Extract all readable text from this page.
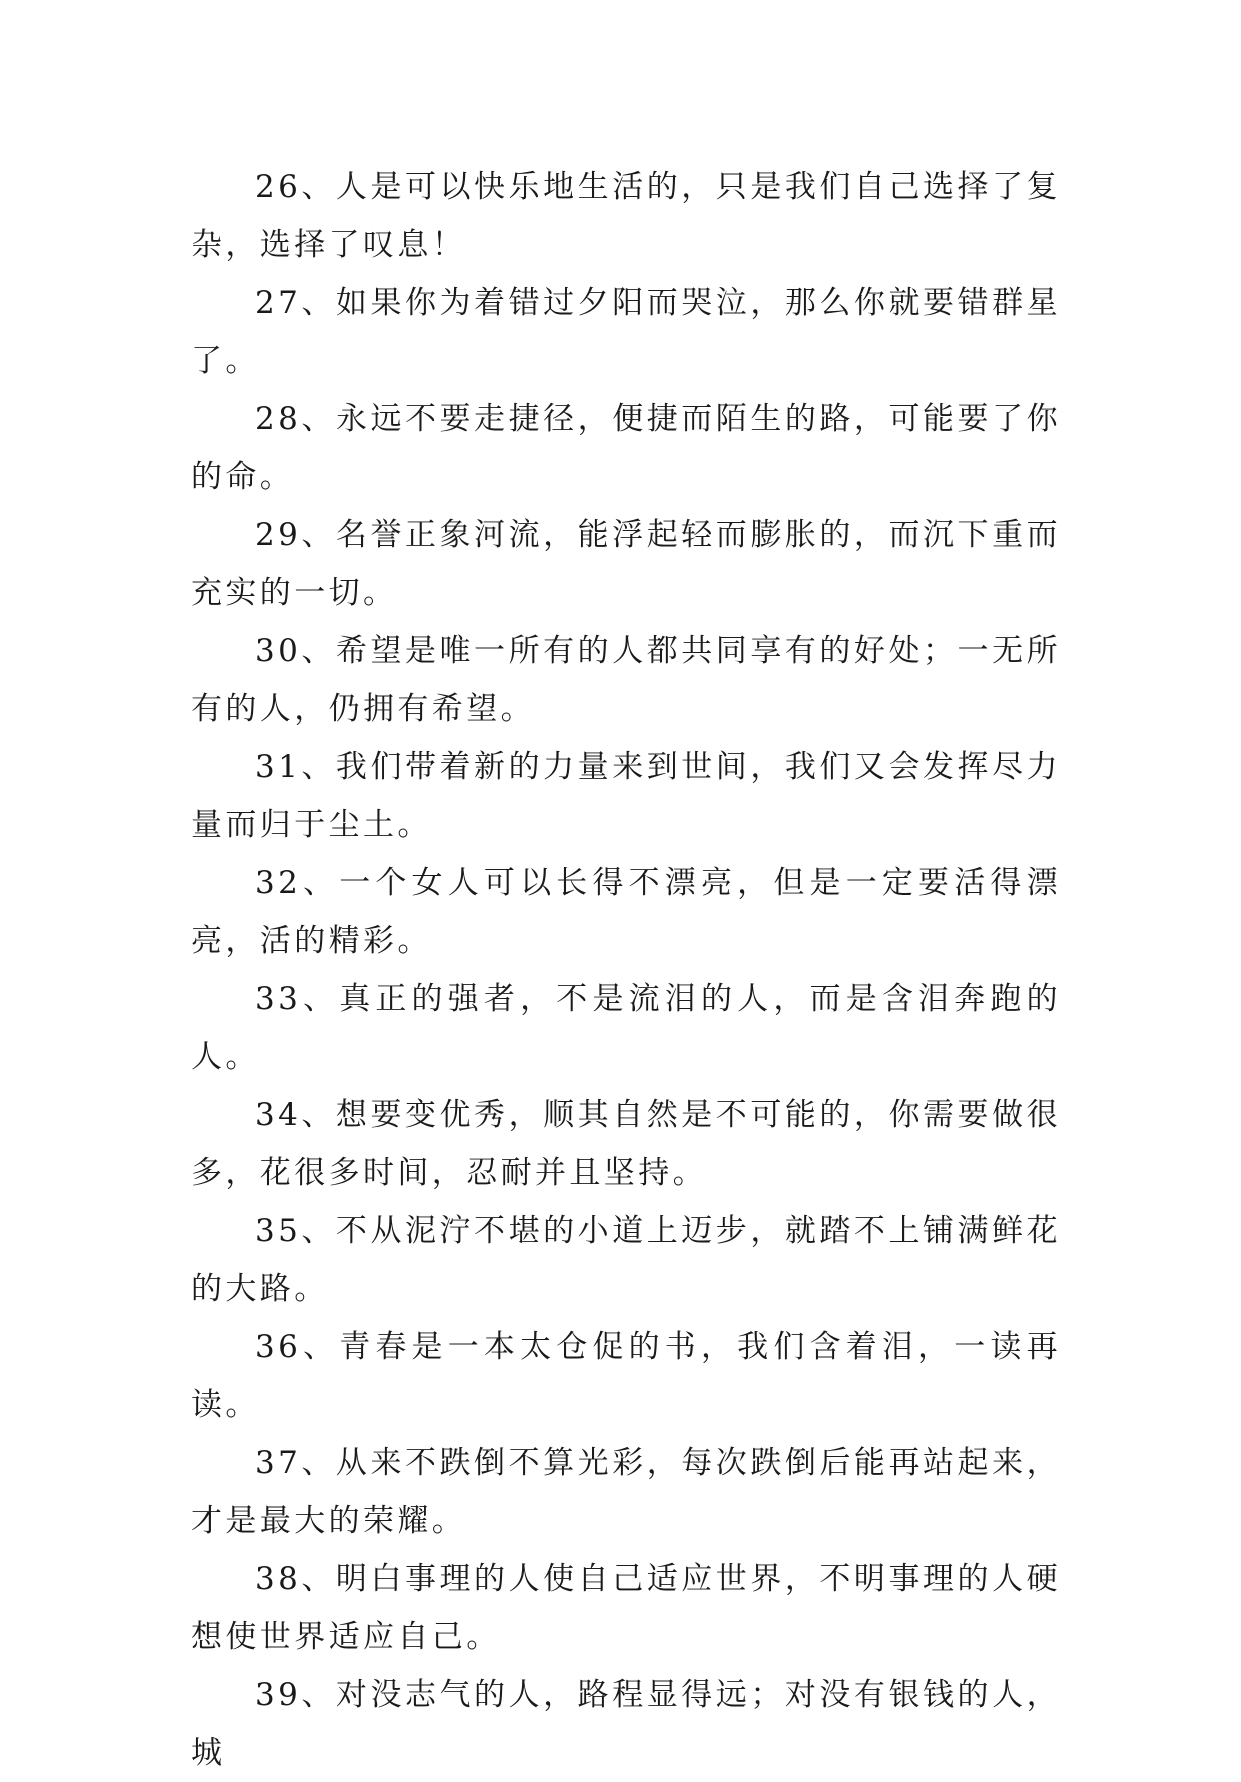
26、人是可以快乐地生活的，只是我们自己选择了复杂，选择了叹息！

27、如果你为着错过夕阳而哭泣，那么你就要错群星了。

28、永远不要走捷径，便捷而陌生的路，可能要了你的命。

29、名誉正象河流，能浮起轻而膨胀的，而沉下重而充实的一切。

30、希望是唯一所有的人都共同享有的好处；一无所有的人，仍拥有希望。

31、我们带着新的力量来到世间，我们又会发挥尽力量而归于尘土。

32、一个女人可以长得不漂亮，但是一定要活得漂亮，活的精彩。

33、真正的强者，不是流泪的人，而是含泪奔跑的人。

34、想要变优秀，顺其自然是不可能的，你需要做很多，花很多时间，忍耐并且坚持。

35、不从泥泞不堪的小道上迈步，就踏不上铺满鲜花的大路。

36、青春是一本太仓促的书，我们含着泪，一读再读。

37、从来不跌倒不算光彩，每次跌倒后能再站起来，才是最大的荣耀。

38、明白事理的人使自己适应世界，不明事理的人硬想使世界适应自己。

39、对没志气的人，路程显得远；对没有银钱的人，城
